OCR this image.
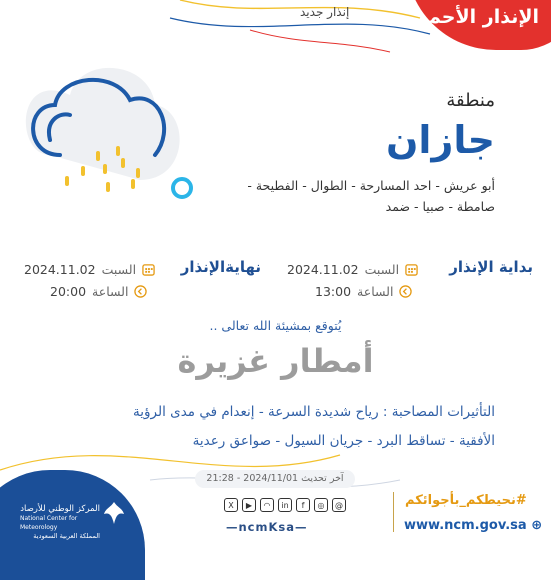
الإنذار الأحمر
إنذار جديد
منطقة
جازان
أبو عريش - احد المسارحة - الطوال - الفطيحة -
صامطة - صبيا - ضمد
بداية الإنذار
2024.11.02 السبت
13:00 الساعة
نهايةالإنذار
2024.11.02 السبت
20:00 الساعة
يُتوقع بمشيئة الله تعالى ..
أمطار غزيرة
التأثيرات المصاحبة : رياح شديدة السرعة - إنعدام في مدى الرؤية
الأفقية - تساقط البرد - جريان السيول - صواعق رعدية
آخر تحديث 2024/11/01 - 21:28
المركز الوطني للأرصاد
National Center for Meteorology
المملكة العربية السعودية
X	▶	◠	in	f	◎	@
—ncmKsa—
#نحيطكم_بأجوائكم
www.ncm.gov.sa ⊕
